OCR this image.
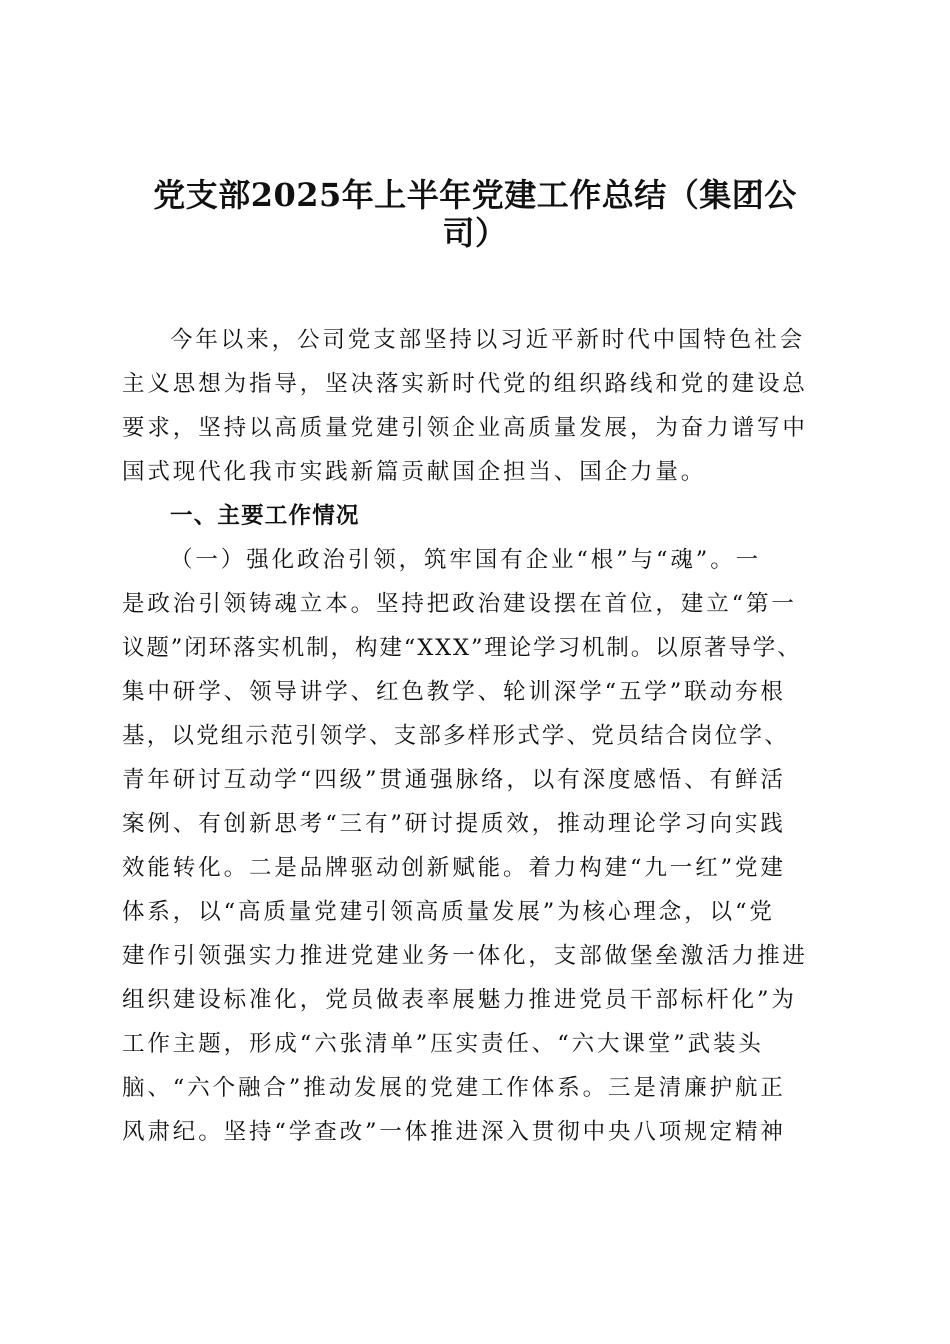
党支部2025年上半年党建工作总结（集团公
司）
今年以来，公司党支部坚持以习近平新时代中国特色社会
主义思想为指导，坚决落实新时代党的组织路线和党的建设总
要求，坚持以高质量党建引领企业高质量发展，为奋力谱写中
国式现代化我市实践新篇贡献国企担当、国企力量。
一、主要工作情况
（一）强化政治引领，筑牢国有企业“根”与“魂”。一
是政治引领铸魂立本。坚持把政治建设摆在首位，建立“第一
议题”闭环落实机制，构建“XXX”理论学习机制。以原著导学、
集中研学、领导讲学、红色教学、轮训深学“五学”联动夯根
基，以党组示范引领学、支部多样形式学、党员结合岗位学、
青年研讨互动学“四级”贯通强脉络，以有深度感悟、有鲜活
案例、有创新思考“三有”研讨提质效，推动理论学习向实践
效能转化。二是品牌驱动创新赋能。着力构建“九一红”党建
体系，以“高质量党建引领高质量发展”为核心理念，以“党
建作引领强实力推进党建业务一体化，支部做堡垒激活力推进
组织建设标准化，党员做表率展魅力推进党员干部标杆化”为
工作主题，形成“六张清单”压实责任、“六大课堂”武装头
脑、“六个融合”推动发展的党建工作体系。三是清廉护航正
风肃纪。坚持“学查改”一体推进深入贯彻中央八项规定精神
